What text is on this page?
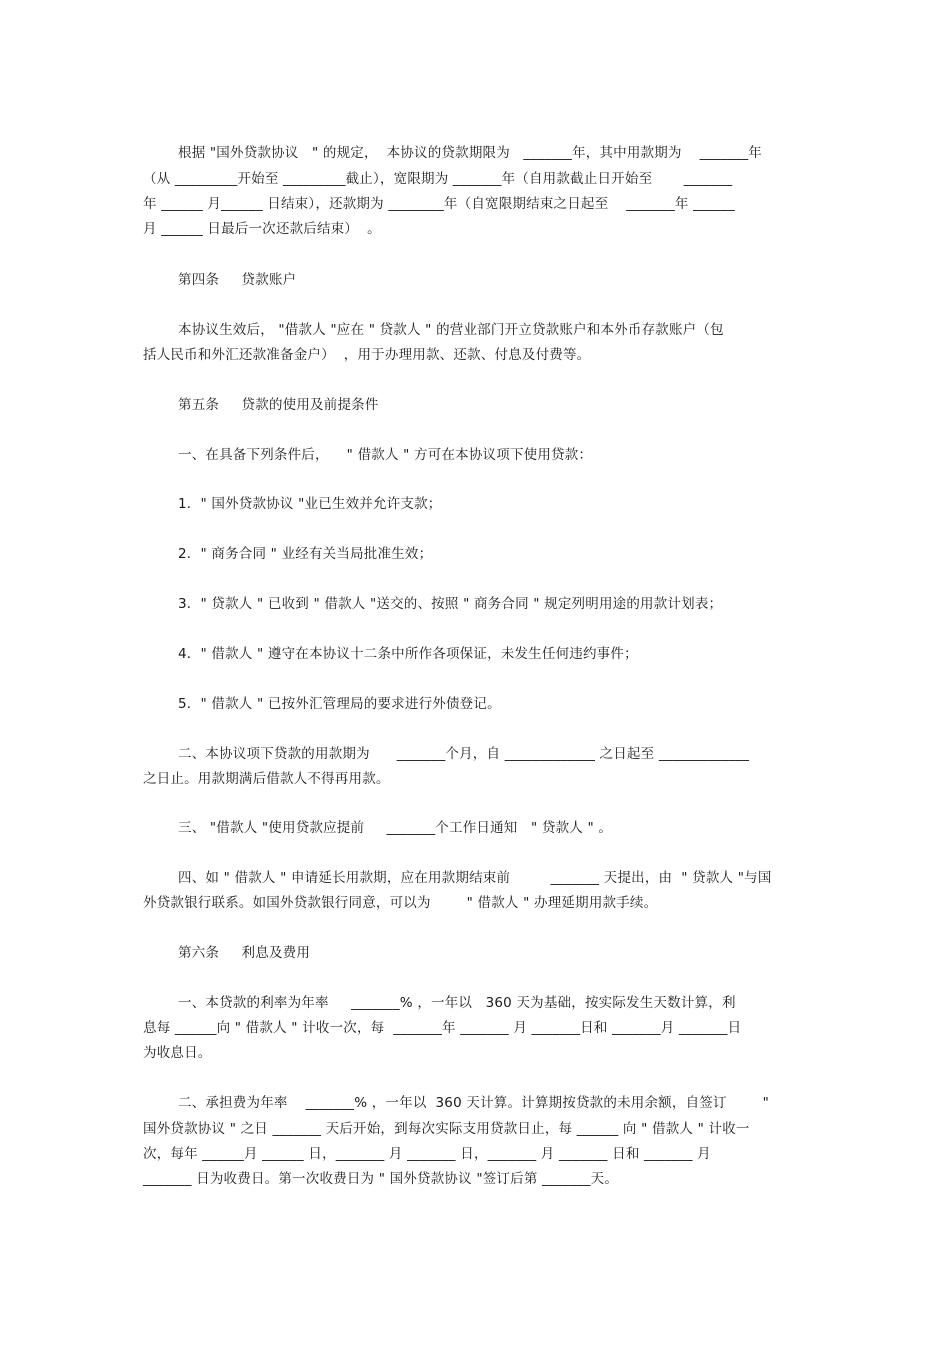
根据 "国外贷款协议   " 的规定，  本协议的贷款期限为   _______年，其中用款期为    _______年
（从 _________开始至 _________截止），宽限期为 _______年（自用款截止日开始至       _______
年 ______ 月______ 日结束），还款期为 ________年（自宽限期结束之日起至    _______年 ______
月 ______ 日最后一次还款后结束）  。
第四条     贷款账户
本协议生效后， "借款人 "应在 " 贷款人 " 的营业部门开立贷款账户和本外币存款账户（包
括人民币和外汇还款准备金户）  ，用于办理用款、还款、付息及付费等。
第五条     贷款的使用及前提条件
一、在具备下列条件后，    " 借款人 " 方可在本协议项下使用贷款：
1．" 国外贷款协议 "业已生效并允许支款；
2．" 商务合同 " 业经有关当局批准生效；
3．" 贷款人 " 已收到 " 借款人 "送交的、按照 " 商务合同 " 规定列明用途的用款计划表；
4．" 借款人 " 遵守在本协议十二条中所作各项保证，未发生任何违约事件；
5．" 借款人 " 已按外汇管理局的要求进行外债登记。
二、本协议项下贷款的用款期为      _______个月，自 _____________ 之日起至 _____________
之日止。用款期满后借款人不得再用款。
三、 "借款人 "使用贷款应提前     _______个工作日通知   " 贷款人 " 。
四、如 " 借款人 " 申请延长用款期，应在用款期结束前         _______ 天提出，由  " 贷款人 "与国
外贷款银行联系。如国外贷款银行同意，可以为        " 借款人 " 办理延期用款手续。
第六条     利息及费用
一、本贷款的利率为年率     _______% ，一年以   360 天为基础，按实际发生天数计算，利
息每 ______向 " 借款人 " 计收一次，每  _______年 _______ 月 _______日和 _______月 _______日
为收息日。
二、承担费为年率    _______% ，一年以  360 天计算。计算期按贷款的未用余额，自签订        "
国外贷款协议 " 之日 _______ 天后开始，到每次实际支用贷款日止，每 ______ 向 " 借款人 " 计收一
次，每年 ______月 ______ 日，_______ 月 _______ 日，_______ 月 _______ 日和 _______ 月
_______ 日为收费日。第一次收费日为 " 国外贷款协议 "签订后第 _______天。
